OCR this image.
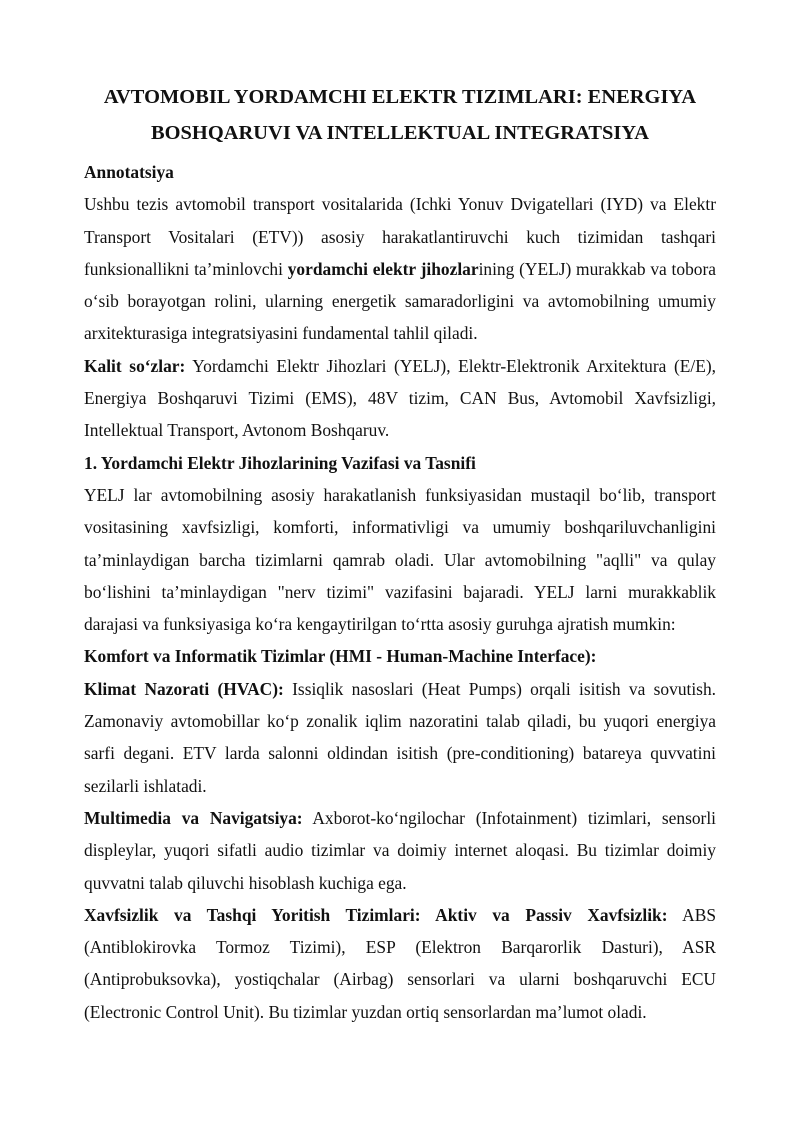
AVTOMOBIL YORDAMCHI ELEKTR TIZIMLARI: ENERGIYA
BOSHQARUVI VA INTELLEKTUAL INTEGRATSIYA

Annotatsiya

Ushbu tezis avtomobil transport vositalarida (Ichki Yonuv Dvigatellari (IYD) va Elektr Transport Vositalari (ETV)) asosiy harakatlantiruvchi kuch tizimidan tashqari funksionallikni ta’minlovchi yordamchi elektr jihozlarining (YELJ) murakkab va tobora o‘sib borayotgan rolini, ularning energetik samaradorligini va avtomobilning umumiy arxitekturasiga integratsiyasini fundamental tahlil qiladi.

Kalit so‘zlar: Yordamchi Elektr Jihozlari (YELJ), Elektr-Elektronik Arxitektura (E/E), Energiya Boshqaruvi Tizimi (EMS), 48V tizim, CAN Bus, Avtomobil Xavfsizligi, Intellektual Transport, Avtonom Boshqaruv.

1. Yordamchi Elektr Jihozlarining Vazifasi va Tasnifi

YELJ lar avtomobilning asosiy harakatlanish funksiyasidan mustaqil bo‘lib, transport vositasining xavfsizligi, komforti, informativligi va umumiy boshqariluvchanligini ta’minlaydigan barcha tizimlarni qamrab oladi. Ular avtomobilning "aqlli" va qulay bo‘lishini ta’minlaydigan "nerv tizimi" vazifasini bajaradi. YELJ larni murakkablik darajasi va funksiyasiga ko‘ra kengaytirilgan to‘rtta asosiy guruhga ajratish mumkin:

Komfort va Informatik Tizimlar (HMI - Human-Machine Interface):

Klimat Nazorati (HVAC): Issiqlik nasoslari (Heat Pumps) orqali isitish va sovutish. Zamonaviy avtomobillar ko‘p zonalik iqlim nazoratini talab qiladi, bu yuqori energiya sarfi degani. ETV larda salonni oldindan isitish (pre-conditioning) batareya quvvatini sezilarli ishlatadi.

Multimedia va Navigatsiya: Axborot-ko‘ngilochar (Infotainment) tizimlari, sensorli displeylar, yuqori sifatli audio tizimlar va doimiy internet aloqasi. Bu tizimlar doimiy quvvatni talab qiluvchi hisoblash kuchiga ega.

Xavfsizlik va Tashqi Yoritish Tizimlari: Aktiv va Passiv Xavfsizlik: ABS (Antiblokirovka Tormoz Tizimi), ESP (Elektron Barqarorlik Dasturi), ASR (Antiprobuksovka), yostiqchalar (Airbag) sensorlari va ularni boshqaruvchi ECU (Electronic Control Unit). Bu tizimlar yuzdan ortiq sensorlardan ma’lumot oladi.
